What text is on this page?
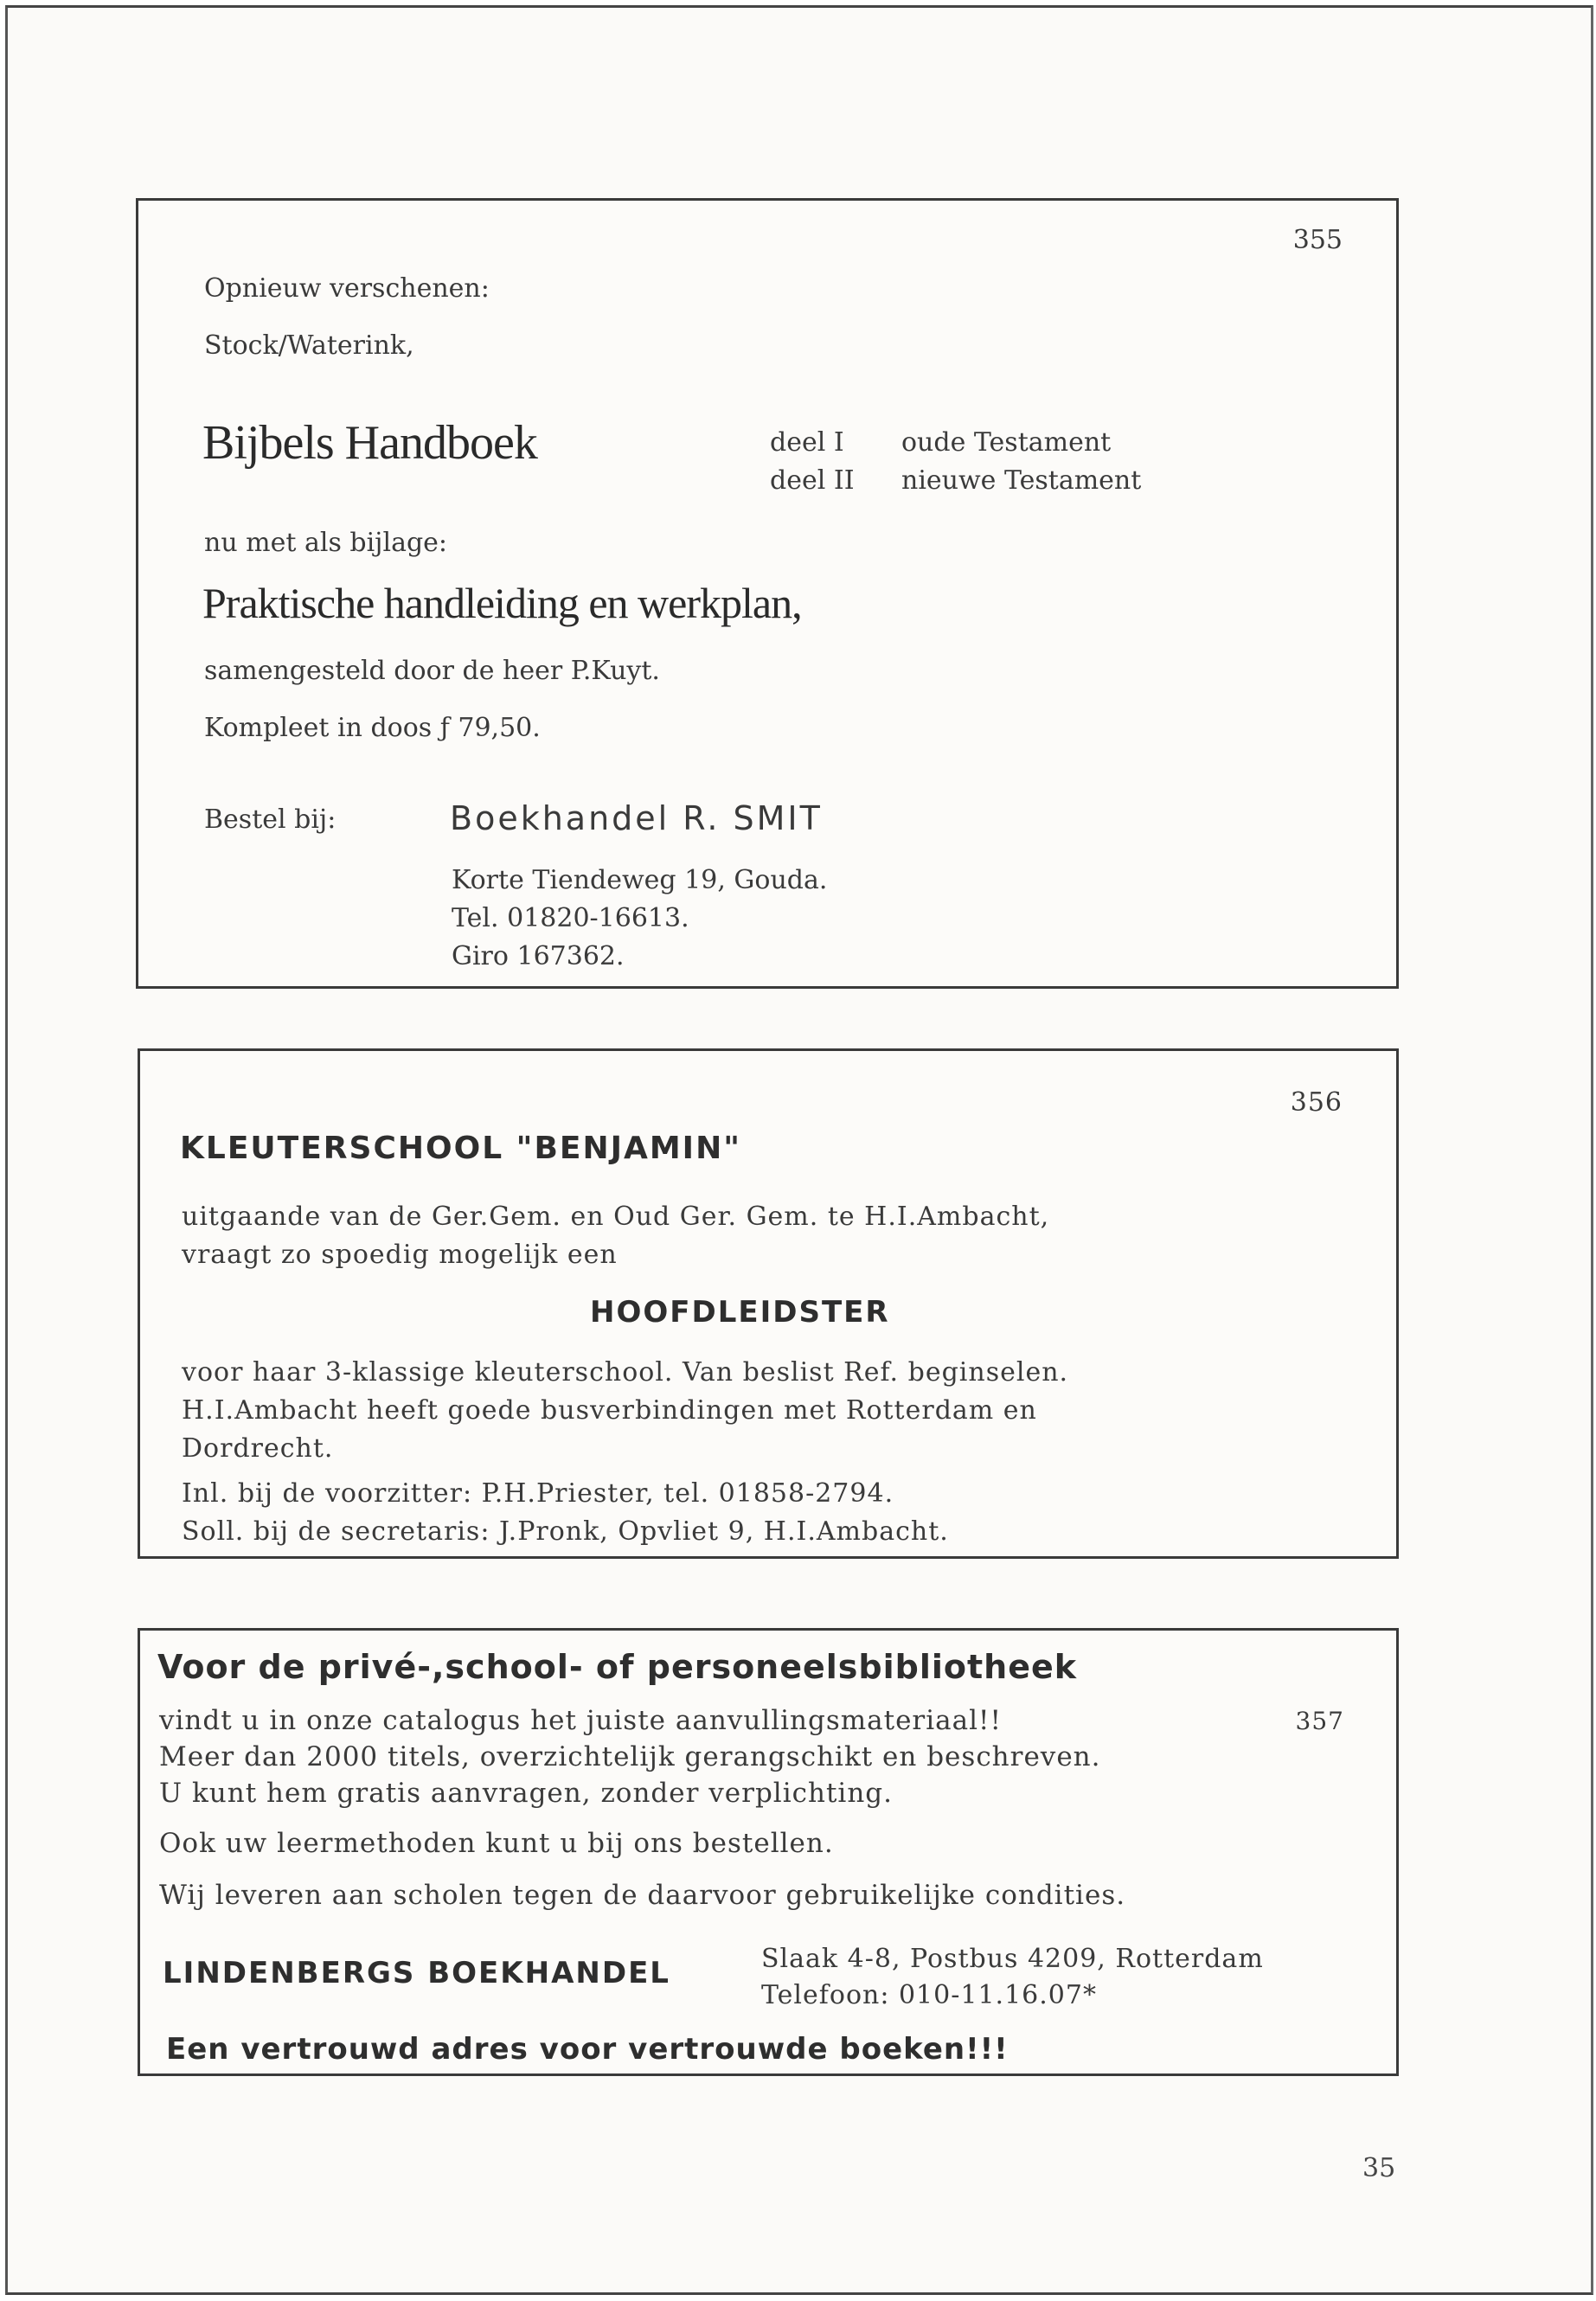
355
Opnieuw verschenen:
Stock/Waterink,
Bijbels Handboek	deel I oude Testament
deel II nieuwe Testament
nu met als bijlage:
Praktische handleiding en werkplan,
samengesteld door de heer P.Kuyt.
Kompleet in doos ƒ 79,50.
Bestel bij:	Boekhandel R. SMIT
Korte Tiendeweg 19, Gouda.
Tel. 01820-16613.
Giro 167362.
356
KLEUTERSCHOOL "BENJAMIN"
uitgaande van de Ger.Gem. en Oud Ger. Gem. te H.I.Ambacht,
vraagt zo spoedig mogelijk een
HOOFDLEIDSTER
voor haar 3-klassige kleuterschool. Van beslist Ref. beginselen.
H.I.Ambacht heeft goede busverbindingen met Rotterdam en
Dordrecht.
Inl. bij de voorzitter: P.H.Priester, tel. 01858-2794.
Soll. bij de secretaris: J.Pronk, Opvliet 9, H.I.Ambacht.
Voor de privé-,school- of personeelsbibliotheek
vindt u in onze catalogus het juiste aanvullingsmateriaal!!	357
Meer dan 2000 titels, overzichtelijk gerangschikt en beschreven.
U kunt hem gratis aanvragen, zonder verplichting.
Ook uw leermethoden kunt u bij ons bestellen.
Wij leveren aan scholen tegen de daarvoor gebruikelijke condities.
LINDENBERGS BOEKHANDEL	Slaak 4-8, Postbus 4209, Rotterdam
Telefoon: 010-11.16.07*
Een vertrouwd adres voor vertrouwde boeken!!!
35
